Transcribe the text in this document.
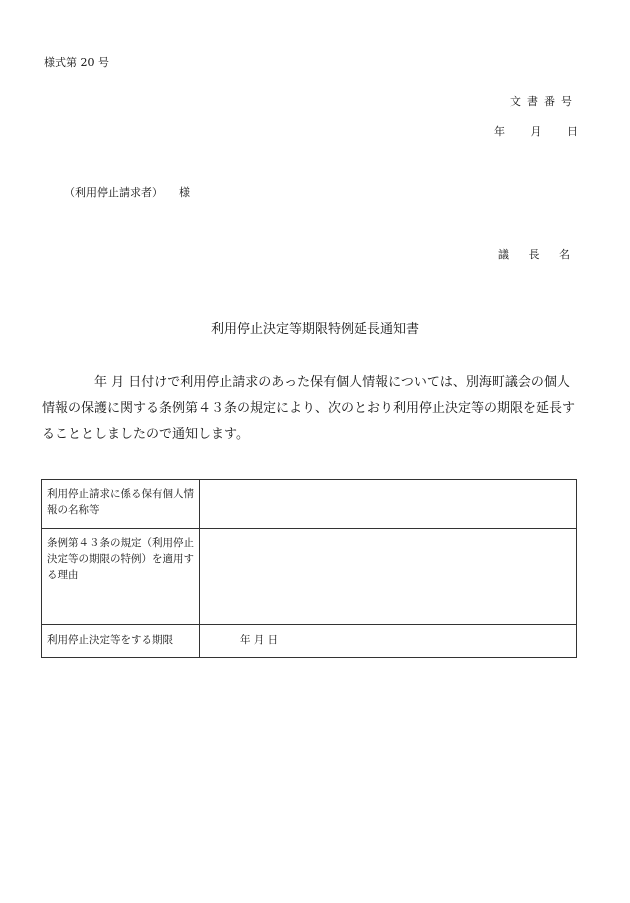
様式第 20 号
文書番号
年 月 日
（利用停止請求者） 様
議 長 名
利用停止決定等期限特例延長通知書
年 月 日付けで利用停止請求のあった保有個人情報については、別海町議会の個人情報の保護に関する条例第４３条の規定により、次のとおり利用停止決定等の期限を延長することとしましたので通知します。
利用停止請求に係る保有個人情報の名称等	
条例第４３条の規定（利用停止決定等の期限の特例）を適用する理由	
利用停止決定等をする期限	年 月 日
